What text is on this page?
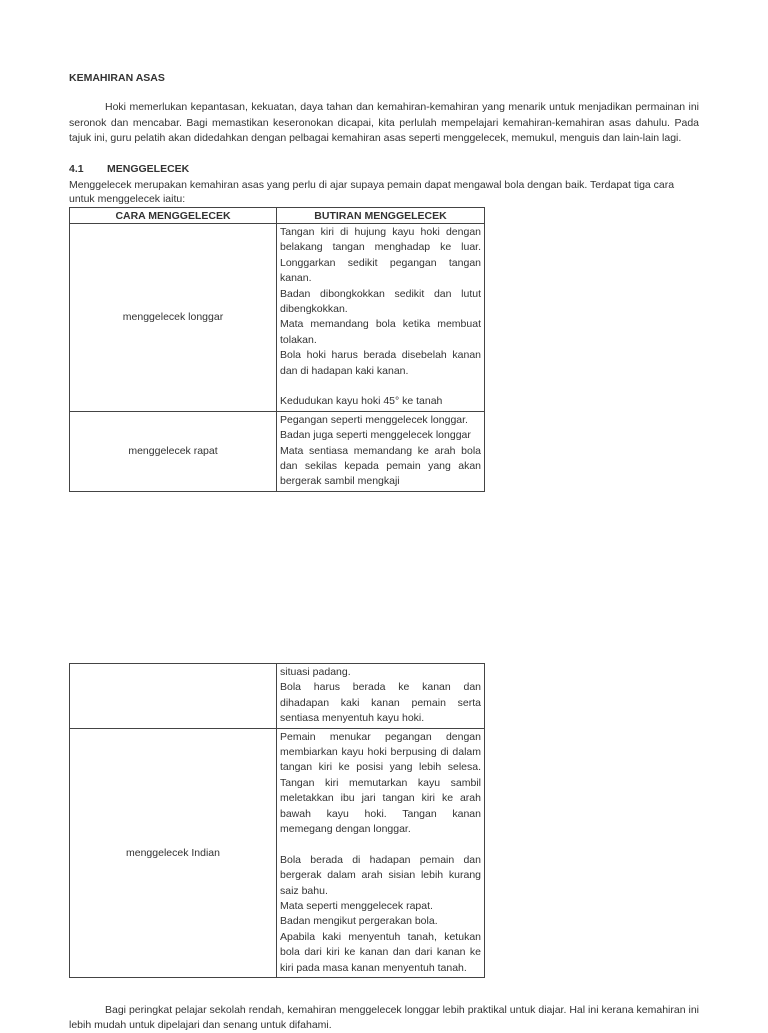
KEMAHIRAN ASAS
Hoki memerlukan kepantasan, kekuatan, daya tahan dan kemahiran-kemahiran yang menarik untuk menjadikan permainan ini seronok dan mencabar. Bagi memastikan keseronokan dicapai, kita perlulah mempelajari kemahiran-kemahiran asas dahulu. Pada tajuk ini, guru pelatih akan didedahkan dengan pelbagai kemahiran asas seperti menggelecek, memukul, menguis dan lain-lain lagi.
4.1 MENGGELECEK
Menggelecek merupakan kemahiran asas yang perlu di ajar supaya pemain dapat mengawal bola dengan baik. Terdapat tiga cara untuk menggelecek iaitu:
CARA MENGGELECEK	BUTIRAN MENGGELECEK
menggelecek longgar	Tangan kiri di hujung kayu hoki dengan belakang tangan menghadap ke luar. Longgarkan sedikit pegangan tangan kanan.
Badan dibongkokkan sedikit dan lutut dibengkokkan.
Mata memandang bola ketika membuat tolakan.
Bola hoki harus berada disebelah kanan dan di hadapan kaki kanan.
Kedudukan kayu hoki 45° ke tanah

menggelecek rapat	Pegangan seperti menggelecek longgar.
Badan juga seperti menggelecek longgar
Mata sentiasa memandang ke arah bola dan sekilas kepada pemain yang akan bergerak sambil mengkaji

	situasi padang.
Bola harus berada ke kanan dan dihadapan kaki kanan pemain serta sentiasa menyentuh kayu hoki.

menggelecek Indian	Pemain menukar pegangan dengan membiarkan kayu hoki berpusing di dalam tangan kiri ke posisi yang lebih selesa. Tangan kiri memutarkan kayu sambil meletakkan ibu jari tangan kiri ke arah bawah kayu hoki. Tangan kanan memegang dengan longgar.
Bola berada di hadapan pemain dan bergerak dalam arah sisian lebih kurang saiz bahu.
Mata seperti menggelecek rapat.
Badan mengikut pergerakan bola.
Apabila kaki menyentuh tanah, ketukan bola dari kiri ke kanan dan dari kanan ke kiri pada masa kanan menyentuh tanah.
Bagi peringkat pelajar sekolah rendah, kemahiran menggelecek longgar lebih praktikal untuk diajar. Hal ini kerana kemahiran ini lebih mudah untuk dipelajari dan senang untuk difahami.
